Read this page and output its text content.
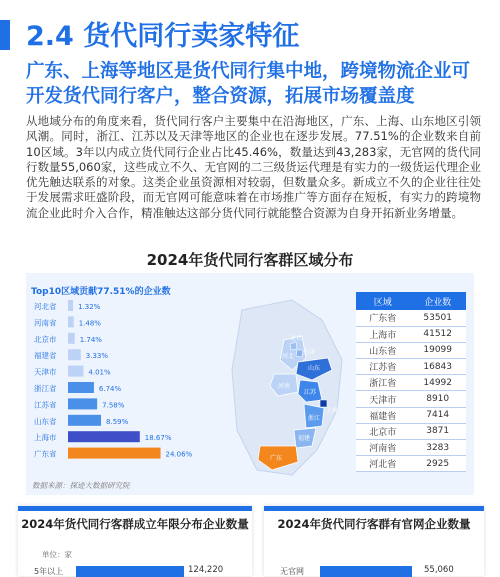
2.4 货代同行卖家特征
广东、上海等地区是货代同行集中地，跨境物流企业可开发货代同行客户，整合资源，拓展市场覆盖度
从地域分布的角度来看，货代同行客户主要集中在沿海地区，广东、上海、山东地区引领风潮。同时，浙江、江苏以及天津等地区的企业也在逐步发展。77.51%的企业数来自前10区域。3年以内成立货代同行企业占比45.46%，数量达到43,283家，无官网的货代同行数量55,060家，这些成立不久、无官网的二三级货运代理是有实力的一级货运代理企业优先触达联系的对象。这类企业虽资源相对较弱，但数量众多。新成立不久的企业往往处于发展需求旺盛阶段，而无官网可能意味着在市场推广等方面存在短板，有实力的跨境物流企业此时介入合作，精准触达这部分货代同行就能整合资源为自身开拓新业务增量。
2024年货代同行客群区域分布
Top10区域贡献77.51%的企业数
河北省	1.32%
河南省	1.48%
北京市	1.74%
福建省	3.33%
天津市	4.01%
浙江省	6.74%
江苏省	7.58%
山东省	8.59%
上海市	18.67%
广东省	24.06%
北京
天津
河北
山东
河南
江苏
上海
浙江
福建
广东
区域	企业数
广东省	53501
上海市	41512
山东省	19099
江苏省	16843
浙江省	14992
天津市	8910
福建省	7414
北京市	3871
河南省	3283
河北省	2925
数据来源：探迹大数据研究院
2024年货代同行客群成立年限分布企业数量
单位：家
5年以上	124,220
2024年货代同行客群有官网企业数量
无官网	55,060
